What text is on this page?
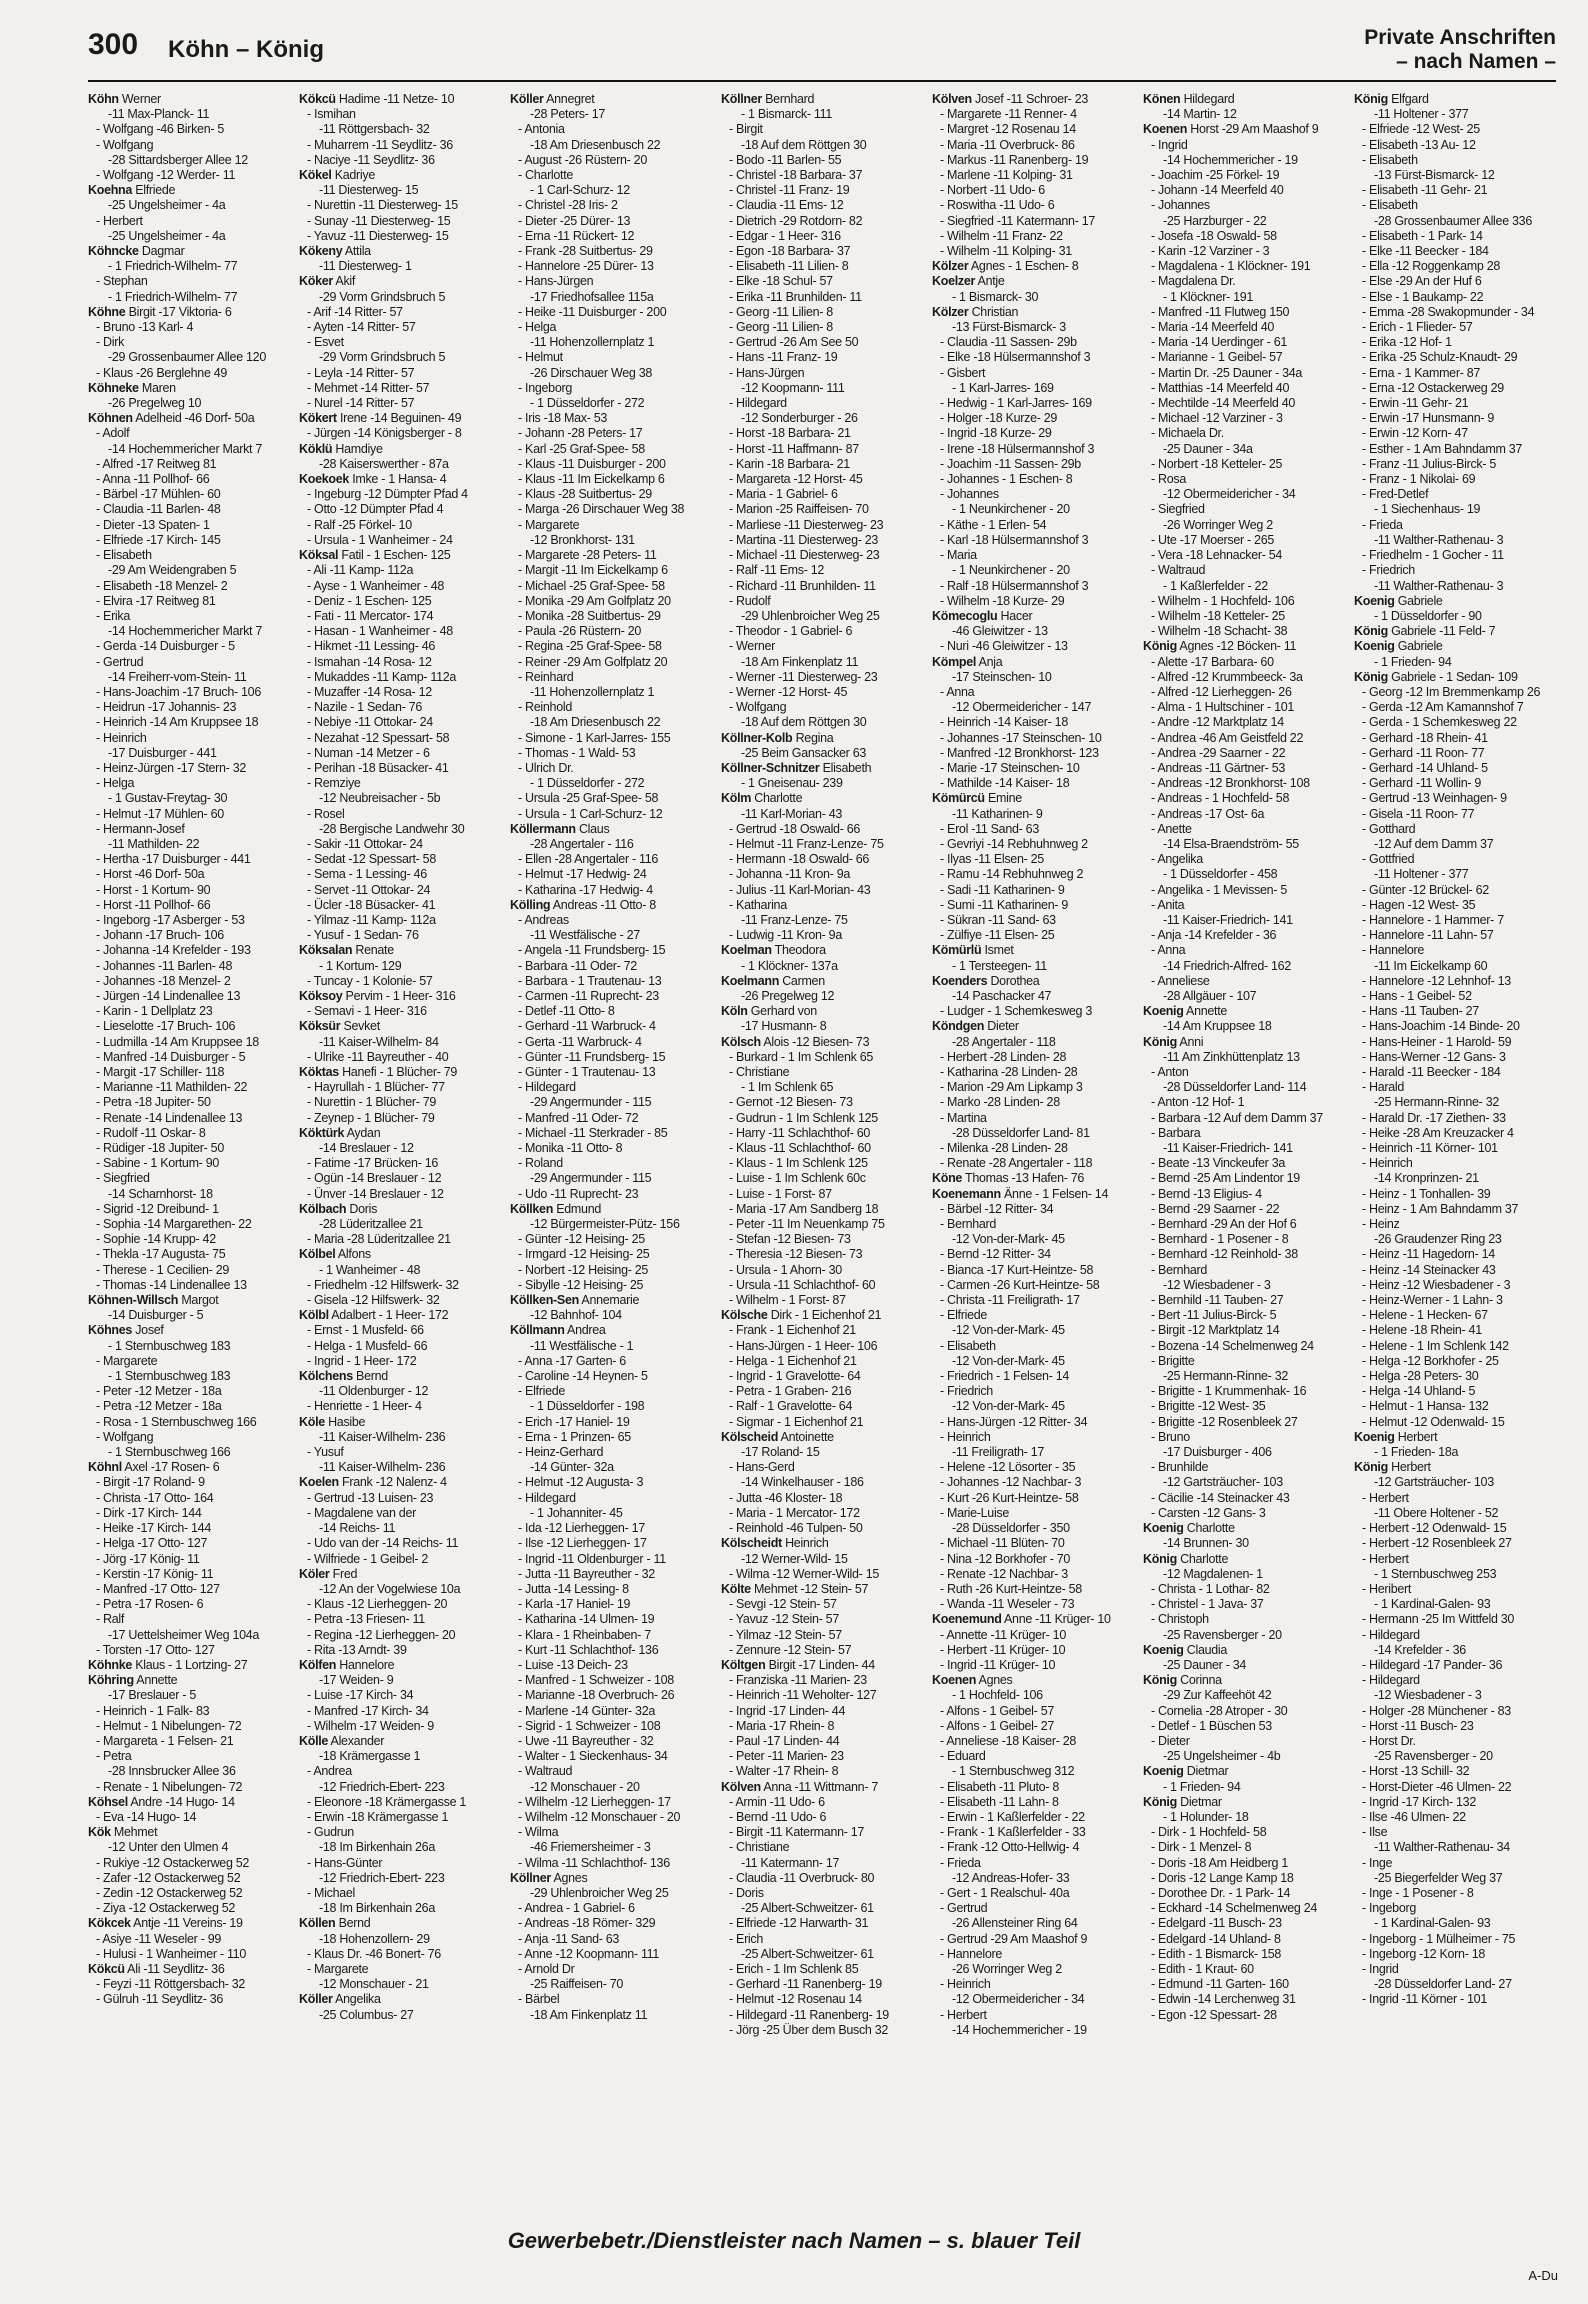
300 Köhn – König	Private Anschriften
– nach Namen –
Köhn Werner
-11 Max-Planck- 11
- Wolfgang -46 Birken- 5
- Wolfgang
-28 Sittardsberger Allee 12
- Wolfgang -12 Werder- 11
Koehna Elfriede
-25 Ungelsheimer - 4a
- Herbert
-25 Ungelsheimer - 4a
Köhncke Dagmar
- 1 Friedrich-Wilhelm- 77
- Stephan
- 1 Friedrich-Wilhelm- 77
Köhne Birgit -17 Viktoria- 6
- Bruno -13 Karl- 4
- Dirk
-29 Grossenbaumer Allee 120
- Klaus -26 Berglehne 49
Köhneke Maren
-26 Pregelweg 10
Köhnen Adelheid -46 Dorf- 50a
- Adolf
-14 Hochemmericher Markt 7
- Alfred -17 Reitweg 81
- Anna -11 Pollhof- 66
- Bärbel -17 Mühlen- 60
- Claudia -11 Barlen- 48
- Dieter -13 Spaten- 1
- Elfriede -17 Kirch- 145
- Elisabeth
-29 Am Weidengraben 5
- Elisabeth -18 Menzel- 2
- Elvira -17 Reitweg 81
- Erika
-14 Hochemmericher Markt 7
- Gerda -14 Duisburger - 5
- Gertrud
-14 Freiherr-vom-Stein- 11
- Hans-Joachim -17 Bruch- 106
- Heidrun -17 Johannis- 23
- Heinrich -14 Am Kruppsee 18
- Heinrich
-17 Duisburger - 441
- Heinz-Jürgen -17 Stern- 32
- Helga
- 1 Gustav-Freytag- 30
- Helmut -17 Mühlen- 60
- Hermann-Josef
-11 Mathilden- 22
- Hertha -17 Duisburger - 441
- Horst -46 Dorf- 50a
- Horst - 1 Kortum- 90
- Horst -11 Pollhof- 66
- Ingeborg -17 Asberger - 53
- Johann -17 Bruch- 106
- Johanna -14 Krefelder - 193
- Johannes -11 Barlen- 48
- Johannes -18 Menzel- 2
- Jürgen -14 Lindenallee 13
- Karin - 1 Dellplatz 23
- Lieselotte -17 Bruch- 106
- Ludmilla -14 Am Kruppsee 18
- Manfred -14 Duisburger - 5
- Margit -17 Schiller- 118
- Marianne -11 Mathilden- 22
- Petra -18 Jupiter- 50
- Renate -14 Lindenallee 13
- Rudolf -11 Oskar- 8
- Rüdiger -18 Jupiter- 50
- Sabine - 1 Kortum- 90
- Siegfried
-14 Scharnhorst- 18
- Sigrid -12 Dreibund- 1
- Sophia -14 Margarethen- 22
- Sophie -14 Krupp- 42
- Thekla -17 Augusta- 75
- Therese - 1 Cecilien- 29
- Thomas -14 Lindenallee 13
Köhnen-Willsch Margot
-14 Duisburger - 5
Köhnes Josef
- 1 Sternbuschweg 183
- Margarete
- 1 Sternbuschweg 183
- Peter -12 Metzer - 18a
- Petra -12 Metzer - 18a
- Rosa - 1 Sternbuschweg 166
- Wolfgang
- 1 Sternbuschweg 166
Köhnl Axel -17 Rosen- 6
- Birgit -17 Roland- 9
- Christa -17 Otto- 164
- Dirk -17 Kirch- 144
- Heike -17 Kirch- 144
- Helga -17 Otto- 127
- Jörg -17 König- 11
- Kerstin -17 König- 11
- Manfred -17 Otto- 127
- Petra -17 Rosen- 6
- Ralf
-17 Uettelsheimer Weg 104a
- Torsten -17 Otto- 127
Köhnke Klaus - 1 Lortzing- 27
Köhring Annette
-17 Breslauer - 5
- Heinrich - 1 Falk- 83
- Helmut - 1 Nibelungen- 72
- Margareta - 1 Felsen- 21
- Petra
-28 Innsbrucker Allee 36
- Renate - 1 Nibelungen- 72
Köhsel Andre -14 Hugo- 14
- Eva -14 Hugo- 14
Kök Mehmet
-12 Unter den Ulmen 4
- Rukiye -12 Ostackerweg 52
- Zafer -12 Ostackerweg 52
- Zedin -12 Ostackerweg 52
- Ziya -12 Ostackerweg 52
Kökcek Antje -11 Vereins- 19
- Asiye -11 Weseler - 99
- Hulusi - 1 Wanheimer - 110
Kökcü Ali -11 Seydlitz- 36
- Feyzi -11 Röttgersbach- 32
- Gülruh -11 Seydlitz- 36
Kökcü Hadime -11 Netze- 10
- Ismihan
-11 Röttgersbach- 32
- Muharrem -11 Seydlitz- 36
- Naciye -11 Seydlitz- 36
Kökel Kadriye
-11 Diesterweg- 15
- Nurettin -11 Diesterweg- 15
- Sunay -11 Diesterweg- 15
- Yavuz -11 Diesterweg- 15
Kökeny Attila
-11 Diesterweg- 1
Köker Akif
-29 Vorm Grindsbruch 5
- Arif -14 Ritter- 57
- Ayten -14 Ritter- 57
- Esvet
-29 Vorm Grindsbruch 5
- Leyla -14 Ritter- 57
- Mehmet -14 Ritter- 57
- Nurel -14 Ritter- 57
Kökert Irene -14 Beguinen- 49
- Jürgen -14 Königsberger - 8
Köklü Hamdiye
-28 Kaiserswerther - 87a
Koekoek Imke - 1 Hansa- 4
- Ingeburg -12 Dümpter Pfad 4
- Otto -12 Dümpter Pfad 4
- Ralf -25 Förkel- 10
- Ursula - 1 Wanheimer - 24
Köksal Fatil - 1 Eschen- 125
- Ali -11 Kamp- 112a
- Ayse - 1 Wanheimer - 48
- Deniz - 1 Eschen- 125
- Fati - 11 Mercator- 174
- Hasan - 1 Wanheimer - 48
- Hikmet -11 Lessing- 46
- Ismahan -14 Rosa- 12
- Mukaddes -11 Kamp- 112a
- Muzaffer -14 Rosa- 12
- Nazile - 1 Sedan- 76
- Nebiye -11 Ottokar- 24
- Nezahat -12 Spessart- 58
- Numan -14 Metzer - 6
- Perihan -18 Büsacker- 41
- Remziye
-12 Neubreisacher - 5b
- Rosel
-28 Bergische Landwehr 30
- Sakir -11 Ottokar- 24
- Sedat -12 Spessart- 58
- Sema - 1 Lessing- 46
- Servet -11 Ottokar- 24
- Ücler -18 Büsacker- 41
- Yilmaz -11 Kamp- 112a
- Yusuf - 1 Sedan- 76
Köksalan Renate
- 1 Kortum- 129
- Tuncay - 1 Kolonie- 57
Köksoy Pervim - 1 Heer- 316
- Semavi - 1 Heer- 316
Köksür Sevket
-11 Kaiser-Wilhelm- 84
- Ulrike -11 Bayreuther - 40
Köktas Hanefi - 1 Blücher- 79
- Hayrullah - 1 Blücher- 77
- Nurettin - 1 Blücher- 79
- Zeynep - 1 Blücher- 79
Köktürk Aydan
-14 Breslauer - 12
- Fatime -17 Brücken- 16
- Ogün -14 Breslauer - 12
- Ünver -14 Breslauer - 12
Kölbach Doris
-28 Lüderitzallee 21
- Maria -28 Lüderitzallee 21
Kölbel Alfons
- 1 Wanheimer - 48
- Friedhelm -12 Hilfswerk- 32
- Gisela -12 Hilfswerk- 32
Kölbl Adalbert - 1 Heer- 172
- Ernst - 1 Musfeld- 66
- Helga - 1 Musfeld- 66
- Ingrid - 1 Heer- 172
Kölchens Bernd
-11 Oldenburger - 12
- Henriette - 1 Heer- 4
Köle Hasibe
-11 Kaiser-Wilhelm- 236
- Yusuf
-11 Kaiser-Wilhelm- 236
Koelen Frank -12 Nalenz- 4
- Gertrud -13 Luisen- 23
- Magdalene van der
-14 Reichs- 11
- Udo van der -14 Reichs- 11
- Wilfriede - 1 Geibel- 2
Köler Fred
-12 An der Vogelwiese 10a
- Klaus -12 Lierheggen- 20
- Petra -13 Friesen- 11
- Regina -12 Lierheggen- 20
- Rita -13 Arndt- 39
Kölfen Hannelore
-17 Weiden- 9
- Luise -17 Kirch- 34
- Manfred -17 Kirch- 34
- Wilhelm -17 Weiden- 9
Kölle Alexander
-18 Krämergasse 1
- Andrea
-12 Friedrich-Ebert- 223
- Eleonore -18 Krämergasse 1
- Erwin -18 Krämergasse 1
- Gudrun
-18 Im Birkenhain 26a
- Hans-Günter
-12 Friedrich-Ebert- 223
- Michael
-18 Im Birkenhain 26a
Köllen Bernd
-18 Hohenzollern- 29
- Klaus Dr. -46 Bonert- 76
- Margarete
-12 Monschauer - 21
Köller Angelika
-25 Columbus- 27
Köller Annegret
-28 Peters- 17
- Antonia
-18 Am Driesenbusch 22
- August -26 Rüstern- 20
- Charlotte
- 1 Carl-Schurz- 12
- Christel -28 Iris- 2
- Dieter -25 Dürer- 13
- Erna -11 Rückert- 12
- Frank -28 Suitbertus- 29
- Hannelore -25 Dürer- 13
- Hans-Jürgen
-17 Friedhofsallee 115a
- Heike -11 Duisburger - 200
- Helga
-11 Hohenzollernplatz 1
- Helmut
-26 Dirschauer Weg 38
- Ingeborg
- 1 Düsseldorfer - 272
- Iris -18 Max- 53
- Johann -28 Peters- 17
- Karl -25 Graf-Spee- 58
- Klaus -11 Duisburger - 200
- Klaus -11 Im Eickelkamp 6
- Klaus -28 Suitbertus- 29
- Marga -26 Dirschauer Weg 38
- Margarete
-12 Bronkhorst- 131
- Margarete -28 Peters- 11
- Margit -11 Im Eickelkamp 6
- Michael -25 Graf-Spee- 58
- Monika -29 Am Golfplatz 20
- Monika -28 Suitbertus- 29
- Paula -26 Rüstern- 20
- Regina -25 Graf-Spee- 58
- Reiner -29 Am Golfplatz 20
- Reinhard
-11 Hohenzollernplatz 1
- Reinhold
-18 Am Driesenbusch 22
- Simone - 1 Karl-Jarres- 155
- Thomas - 1 Wald- 53
- Ulrich Dr.
- 1 Düsseldorfer - 272
- Ursula -25 Graf-Spee- 58
- Ursula - 1 Carl-Schurz- 12
Köllermann Claus
-28 Angertaler - 116
- Ellen -28 Angertaler - 116
- Helmut -17 Hedwig- 24
- Katharina -17 Hedwig- 4
Kölling Andreas -11 Otto- 8
- Andreas
-11 Westfälische - 27
- Angela -11 Frundsberg- 15
- Barbara -11 Oder- 72
- Barbara - 1 Trautenau- 13
- Carmen -11 Ruprecht- 23
- Detlef -11 Otto- 8
- Gerhard -11 Warbruck- 4
- Gerta -11 Warbruck- 4
- Günter -11 Frundsberg- 15
- Günter - 1 Trautenau- 13
- Hildegard
-29 Angermunder - 115
- Manfred -11 Oder- 72
- Michael -11 Sterkrader - 85
- Monika -11 Otto- 8
- Roland
-29 Angermunder - 115
- Udo -11 Ruprecht- 23
Köllken Edmund
-12 Bürgermeister-Pütz- 156
- Günter -12 Heising- 25
- Irmgard -12 Heising- 25
- Norbert -12 Heising- 25
- Sibylle -12 Heising- 25
Köllken-Sen Annemarie
-12 Bahnhof- 104
Köllmann Andrea
-11 Westfälische - 1
- Anna -17 Garten- 6
- Caroline -14 Heynen- 5
- Elfriede
- 1 Düsseldorfer - 198
- Erich -17 Haniel- 19
- Erna - 1 Prinzen- 65
- Heinz-Gerhard
-14 Günter- 32a
- Helmut -12 Augusta- 3
- Hildegard
- 1 Johanniter- 45
- Ida -12 Lierheggen- 17
- Ilse -12 Lierheggen- 17
- Ingrid -11 Oldenburger - 11
- Jutta -11 Bayreuther - 32
- Jutta -14 Lessing- 8
- Karla -17 Haniel- 19
- Katharina -14 Ulmen- 19
- Klara - 1 Rheinbaben- 7
- Kurt -11 Schlachthof- 136
- Luise -13 Deich- 23
- Manfred - 1 Schweizer - 108
- Marianne -18 Overbruch- 26
- Marlene -14 Günter- 32a
- Sigrid - 1 Schweizer - 108
- Uwe -11 Bayreuther - 32
- Walter - 1 Sieckenhaus- 34
- Waltraud
-12 Monschauer - 20
- Wilhelm -12 Lierheggen- 17
- Wilhelm -12 Monschauer - 20
- Wilma
-46 Friemersheimer - 3
- Wilma -11 Schlachthof- 136
Köllner Agnes
-29 Uhlenbroicher Weg 25
- Andrea - 1 Gabriel- 6
- Andreas -18 Römer- 329
- Anja -11 Sand- 63
- Anne -12 Koopmann- 111
- Arnold Dr
-25 Raiffeisen- 70
- Bärbel
-18 Am Finkenplatz 11
Köllner Bernhard
- 1 Bismarck- 111
- Birgit
-18 Auf dem Röttgen 30
- Bodo -11 Barlen- 55
- Christel -18 Barbara- 37
- Christel -11 Franz- 19
- Claudia -11 Ems- 12
- Dietrich -29 Rotdorn- 82
- Edgar - 1 Heer- 316
- Egon -18 Barbara- 37
- Elisabeth -11 Lilien- 8
- Elke -18 Schul- 57
- Erika -11 Brunhilden- 11
- Georg -11 Lilien- 8
- Georg -11 Lilien- 8
- Gertrud -26 Am See 50
- Hans -11 Franz- 19
- Hans-Jürgen
-12 Koopmann- 111
- Hildegard
-12 Sonderburger - 26
- Horst -18 Barbara- 21
- Horst -11 Haffmann- 87
- Karin -18 Barbara- 21
- Margareta -12 Horst- 45
- Maria - 1 Gabriel- 6
- Marion -25 Raiffeisen- 70
- Marliese -11 Diesterweg- 23
- Martina -11 Diesterweg- 23
- Michael -11 Diesterweg- 23
- Ralf -11 Ems- 12
- Richard -11 Brunhilden- 11
- Rudolf
-29 Uhlenbroicher Weg 25
- Theodor - 1 Gabriel- 6
- Werner
-18 Am Finkenplatz 11
- Werner -11 Diesterweg- 23
- Werner -12 Horst- 45
- Wolfgang
-18 Auf dem Röttgen 30
Köllner-Kolb Regina
-25 Beim Gansacker 63
Köllner-Schnitzer Elisabeth
- 1 Gneisenau- 239
Kölm Charlotte
-11 Karl-Morian- 43
- Gertrud -18 Oswald- 66
- Helmut -11 Franz-Lenze- 75
- Hermann -18 Oswald- 66
- Johanna -11 Kron- 9a
- Julius -11 Karl-Morian- 43
- Katharina
-11 Franz-Lenze- 75
- Ludwig -11 Kron- 9a
Koelman Theodora
- 1 Klöckner- 137a
Koelmann Carmen
-26 Pregelweg 12
Köln Gerhard von
-17 Husmann- 8
Kölsch Alois -12 Biesen- 73
- Burkard - 1 Im Schlenk 65
- Christiane
- 1 Im Schlenk 65
- Gernot -12 Biesen- 73
- Gudrun - 1 Im Schlenk 125
- Harry -11 Schlachthof- 60
- Klaus -11 Schlachthof- 60
- Klaus - 1 Im Schlenk 125
- Luise - 1 Im Schlenk 60c
- Luise - 1 Forst- 87
- Maria -17 Am Sandberg 18
- Peter -11 Im Neuenkamp 75
- Stefan -12 Biesen- 73
- Theresia -12 Biesen- 73
- Ursula - 1 Ahorn- 30
- Ursula -11 Schlachthof- 60
- Wilhelm - 1 Forst- 87
Kölsche Dirk - 1 Eichenhof 21
- Frank - 1 Eichenhof 21
- Hans-Jürgen - 1 Heer- 106
- Helga - 1 Eichenhof 21
- Ingrid - 1 Gravelotte- 64
- Petra - 1 Graben- 216
- Ralf - 1 Gravelotte- 64
- Sigmar - 1 Eichenhof 21
Kölscheid Antoinette
-17 Roland- 15
- Hans-Gerd
-14 Winkelhauser - 186
- Jutta -46 Kloster- 18
- Maria - 1 Mercator- 172
- Reinhold -46 Tulpen- 50
Kölscheidt Heinrich
-12 Werner-Wild- 15
- Wilma -12 Werner-Wild- 15
Költe Mehmet -12 Stein- 57
- Sevgi -12 Stein- 57
- Yavuz -12 Stein- 57
- Yilmaz -12 Stein- 57
- Zennure -12 Stein- 57
Költgen Birgit -17 Linden- 44
- Franziska -11 Marien- 23
- Heinrich -11 Weholter- 127
- Ingrid -17 Linden- 44
- Maria -17 Rhein- 8
- Paul -17 Linden- 44
- Peter -11 Marien- 23
- Walter -17 Rhein- 8
Kölven Anna -11 Wittmann- 7
- Armin -11 Udo- 6
- Bernd -11 Udo- 6
- Birgit -11 Katermann- 17
- Christiane
-11 Katermann- 17
- Claudia -11 Overbruck- 80
- Doris
-25 Albert-Schweitzer- 61
- Elfriede -12 Harwarth- 31
- Erich
-25 Albert-Schweitzer- 61
- Erich - 1 Im Schlenk 85
- Gerhard -11 Ranenberg- 19
- Helmut -12 Rosenau 14
- Hildegard -11 Ranenberg- 19
- Jörg -25 Über dem Busch 32
Kölven Josef -11 Schroer- 23
- Margarete -11 Renner- 4
- Margret -12 Rosenau 14
- Maria -11 Overbruck- 86
- Markus -11 Ranenberg- 19
- Marlene -11 Kolping- 31
- Norbert -11 Udo- 6
- Roswitha -11 Udo- 6
- Siegfried -11 Katermann- 17
- Wilhelm -11 Franz- 22
- Wilhelm -11 Kolping- 31
Kölzer Agnes - 1 Eschen- 8
Koelzer Antje
- 1 Bismarck- 30
Kölzer Christian
-13 Fürst-Bismarck- 3
- Claudia -11 Sassen- 29b
- Elke -18 Hülsermannshof 3
- Gisbert
- 1 Karl-Jarres- 169
- Hedwig - 1 Karl-Jarres- 169
- Holger -18 Kurze- 29
- Ingrid -18 Kurze- 29
- Irene -18 Hülsermannshof 3
- Joachim -11 Sassen- 29b
- Johannes - 1 Eschen- 8
- Johannes
- 1 Neunkirchener - 20
- Käthe - 1 Erlen- 54
- Karl -18 Hülsermannshof 3
- Maria
- 1 Neunkirchener - 20
- Ralf -18 Hülsermannshof 3
- Wilhelm -18 Kurze- 29
Kömecoglu Hacer
-46 Gleiwitzer - 13
- Nuri -46 Gleiwitzer - 13
Kömpel Anja
-17 Steinschen- 10
- Anna
-12 Obermeidericher - 147
- Heinrich -14 Kaiser- 18
- Johannes -17 Steinschen- 10
- Manfred -12 Bronkhorst- 123
- Marie -17 Steinschen- 10
- Mathilde -14 Kaiser- 18
Kömürcü Emine
-11 Katharinen- 9
- Erol -11 Sand- 63
- Gevriyi -14 Rebhuhnweg 2
- Ilyas -11 Elsen- 25
- Ramu -14 Rebhuhnweg 2
- Sadi -11 Katharinen- 9
- Sumi -11 Katharinen- 9
- Sükran -11 Sand- 63
- Zülfiye -11 Elsen- 25
Kömürlü Ismet
- 1 Tersteegen- 11
Koenders Dorothea
-14 Paschacker 47
- Ludger - 1 Schemkesweg 3
Köndgen Dieter
-28 Angertaler - 118
- Herbert -28 Linden- 28
- Katharina -28 Linden- 28
- Marion -29 Am Lipkamp 3
- Marko -28 Linden- 28
- Martina
-28 Düsseldorfer Land- 81
- Milenka -28 Linden- 28
- Renate -28 Angertaler - 118
Köne Thomas -13 Hafen- 76
Koenemann Änne - 1 Felsen- 14
- Bärbel -12 Ritter- 34
- Bernhard
-12 Von-der-Mark- 45
- Bernd -12 Ritter- 34
- Bianca -17 Kurt-Heintze- 58
- Carmen -26 Kurt-Heintze- 58
- Christa -11 Freiligrath- 17
- Elfriede
-12 Von-der-Mark- 45
- Elisabeth
-12 Von-der-Mark- 45
- Friedrich - 1 Felsen- 14
- Friedrich
-12 Von-der-Mark- 45
- Hans-Jürgen -12 Ritter- 34
- Heinrich
-11 Freiligrath- 17
- Helene -12 Lösorter - 35
- Johannes -12 Nachbar- 3
- Kurt -26 Kurt-Heintze- 58
- Marie-Luise
-28 Düsseldorfer - 350
- Michael -11 Blüten- 70
- Nina -12 Borkhofer - 70
- Renate -12 Nachbar- 3
- Ruth -26 Kurt-Heintze- 58
- Wanda -11 Weseler - 73
Koenemund Anne -11 Krüger- 10
- Annette -11 Krüger- 10
- Herbert -11 Krüger- 10
- Ingrid -11 Krüger- 10
Koenen Agnes
- 1 Hochfeld- 106
- Alfons - 1 Geibel- 57
- Alfons - 1 Geibel- 27
- Anneliese -18 Kaiser- 28
- Eduard
- 1 Sternbuschweg 312
- Elisabeth -11 Pluto- 8
- Elisabeth -11 Lahn- 8
- Erwin - 1 Kaßlerfelder - 22
- Frank - 1 Kaßlerfelder - 33
- Frank -12 Otto-Hellwig- 4
- Frieda
-12 Andreas-Hofer- 33
- Gert - 1 Realschul- 40a
- Gertrud
-26 Allensteiner Ring 64
- Gertrud -29 Am Maashof 9
- Hannelore
-26 Worringer Weg 2
- Heinrich
-12 Obermeidericher - 34
- Herbert
-14 Hochemmericher - 19
Könen Hildegard
-14 Martin- 12
Koenen Horst -29 Am Maashof 9
- Ingrid
-14 Hochemmericher - 19
- Joachim -25 Förkel- 19
- Johann -14 Meerfeld 40
- Johannes
-25 Harzburger - 22
- Josefa -18 Oswald- 58
- Karin -12 Varziner - 3
- Magdalena - 1 Klöckner- 191
- Magdalena Dr.
- 1 Klöckner- 191
- Manfred -11 Flutweg 150
- Maria -14 Meerfeld 40
- Maria -14 Uerdinger - 61
- Marianne - 1 Geibel- 57
- Martin Dr. -25 Dauner - 34a
- Matthias -14 Meerfeld 40
- Mechtilde -14 Meerfeld 40
- Michael -12 Varziner - 3
- Michaela Dr.
-25 Dauner - 34a
- Norbert -18 Ketteler- 25
- Rosa
-12 Obermeidericher - 34
- Siegfried
-26 Worringer Weg 2
- Ute -17 Moerser - 265
- Vera -18 Lehnacker- 54
- Waltraud
- 1 Kaßlerfelder - 22
- Wilhelm - 1 Hochfeld- 106
- Wilhelm -18 Ketteler- 25
- Wilhelm -18 Schacht- 38
König Agnes -12 Böcken- 11
- Alette -17 Barbara- 60
- Alfred -12 Krummbeeck- 3a
- Alfred -12 Lierheggen- 26
- Alma - 1 Hultschiner - 101
- Andre -12 Marktplatz 14
- Andrea -46 Am Geistfeld 22
- Andrea -29 Saarner - 22
- Andreas -11 Gärtner- 53
- Andreas -12 Bronkhorst- 108
- Andreas - 1 Hochfeld- 58
- Andreas -17 Ost- 6a
- Anette
-14 Elsa-Braendström- 55
- Angelika
- 1 Düsseldorfer - 458
- Angelika - 1 Mevissen- 5
- Anita
-11 Kaiser-Friedrich- 141
- Anja -14 Krefelder - 36
- Anna
-14 Friedrich-Alfred- 162
- Anneliese
-28 Allgäuer - 107
Koenig Annette
-14 Am Kruppsee 18
König Anni
-11 Am Zinkhüttenplatz 13
- Anton
-28 Düsseldorfer Land- 114
- Anton -12 Hof- 1
- Barbara -12 Auf dem Damm 37
- Barbara
-11 Kaiser-Friedrich- 141
- Beate -13 Vinckeufer 3a
- Bernd -25 Am Lindentor 19
- Bernd -13 Eligius- 4
- Bernd -29 Saarner - 22
- Bernhard -29 An der Hof 6
- Bernhard - 1 Posener - 8
- Bernhard -12 Reinhold- 38
- Bernhard
-12 Wiesbadener - 3
- Bernhild -11 Tauben- 27
- Bert -11 Julius-Birck- 5
- Birgit -12 Marktplatz 14
- Bozena -14 Schelmenweg 24
- Brigitte
-25 Hermann-Rinne- 32
- Brigitte - 1 Krummenhak- 16
- Brigitte -12 West- 35
- Brigitte -12 Rosenbleek 27
- Bruno
-17 Duisburger - 406
- Brunhilde
-12 Gartsträucher- 103
- Cäcilie -14 Steinacker 43
- Carsten -12 Gans- 3
Koenig Charlotte
-14 Brunnen- 30
König Charlotte
-12 Magdalenen- 1
- Christa - 1 Lothar- 82
- Christel - 1 Java- 37
- Christoph
-25 Ravensberger - 20
Koenig Claudia
-25 Dauner - 34
König Corinna
-29 Zur Kaffeehöt 42
- Cornelia -28 Atroper - 30
- Detlef - 1 Büschen 53
- Dieter
-25 Ungelsheimer - 4b
Koenig Dietmar
- 1 Frieden- 94
König Dietmar
- 1 Holunder- 18
- Dirk - 1 Hochfeld- 58
- Dirk - 1 Menzel- 8
- Doris -18 Am Heidberg 1
- Doris -12 Lange Kamp 18
- Dorothee Dr. - 1 Park- 14
- Eckhard -14 Schelmenweg 24
- Edelgard -11 Busch- 23
- Edelgard -14 Uhland- 8
- Edith - 1 Bismarck- 158
- Edith - 1 Kraut- 60
- Edmund -11 Garten- 160
- Edwin -14 Lerchenweg 31
- Egon -12 Spessart- 28
König Elfgard
-11 Holtener - 377
- Elfriede -12 West- 25
- Elisabeth -13 Au- 12
- Elisabeth
-13 Fürst-Bismarck- 12
- Elisabeth -11 Gehr- 21
- Elisabeth
-28 Grossenbaumer Allee 336
- Elisabeth - 1 Park- 14
- Elke -11 Beecker - 184
- Ella -12 Roggenkamp 28
- Else -29 An der Huf 6
- Else - 1 Baukamp- 22
- Emma -28 Swakopmunder - 34
- Erich - 1 Flieder- 57
- Erika -12 Hof- 1
- Erika -25 Schulz-Knaudt- 29
- Erna - 1 Kammer- 87
- Erna -12 Ostackerweg 29
- Erwin -11 Gehr- 21
- Erwin -17 Hunsmann- 9
- Erwin -12 Korn- 47
- Esther - 1 Am Bahndamm 37
- Franz -11 Julius-Birck- 5
- Franz - 1 Nikolai- 69
- Fred-Detlef
- 1 Siechenhaus- 19
- Frieda
-11 Walther-Rathenau- 3
- Friedhelm - 1 Gocher - 11
- Friedrich
-11 Walther-Rathenau- 3
Koenig Gabriele
- 1 Düsseldorfer - 90
König Gabriele -11 Feld- 7
Koenig Gabriele
- 1 Frieden- 94
König Gabriele - 1 Sedan- 109
- Georg -12 Im Bremmenkamp 26
- Gerda -12 Am Kamannshof 7
- Gerda - 1 Schemkesweg 22
- Gerhard -18 Rhein- 41
- Gerhard -11 Roon- 77
- Gerhard -14 Uhland- 5
- Gerhard -11 Wollin- 9
- Gertrud -13 Weinhagen- 9
- Gisela -11 Roon- 77
- Gotthard
-12 Auf dem Damm 37
- Gottfried
-11 Holtener - 377
- Günter -12 Brückel- 62
- Hagen -12 West- 35
- Hannelore - 1 Hammer- 7
- Hannelore -11 Lahn- 57
- Hannelore
-11 Im Eickelkamp 60
- Hannelore -12 Lehnhof- 13
- Hans - 1 Geibel- 52
- Hans -11 Tauben- 27
- Hans-Joachim -14 Binde- 20
- Hans-Heiner - 1 Harold- 59
- Hans-Werner -12 Gans- 3
- Harald -11 Beecker - 184
- Harald
-25 Hermann-Rinne- 32
- Harald Dr. -17 Ziethen- 33
- Heike -28 Am Kreuzacker 4
- Heinrich -11 Körner- 101
- Heinrich
-14 Kronprinzen- 21
- Heinz - 1 Tonhallen- 39
- Heinz - 1 Am Bahndamm 37
- Heinz
-26 Graudenzer Ring 23
- Heinz -11 Hagedorn- 14
- Heinz -14 Steinacker 43
- Heinz -12 Wiesbadener - 3
- Heinz-Werner - 1 Lahn- 3
- Helene - 1 Hecken- 67
- Helene -18 Rhein- 41
- Helene - 1 Im Schlenk 142
- Helga -12 Borkhofer - 25
- Helga -28 Peters- 30
- Helga -14 Uhland- 5
- Helmut - 1 Hansa- 132
- Helmut -12 Odenwald- 15
Koenig Herbert
- 1 Frieden- 18a
König Herbert
-12 Gartsträucher- 103
- Herbert
-11 Obere Holtener - 52
- Herbert -12 Odenwald- 15
- Herbert -12 Rosenbleek 27
- Herbert
- 1 Sternbuschweg 253
- Heribert
- 1 Kardinal-Galen- 93
- Hermann -25 Im Wittfeld 30
- Hildegard
-14 Krefelder - 36
- Hildegard -17 Pander- 36
- Hildegard
-12 Wiesbadener - 3
- Holger -28 Münchener - 83
- Horst -11 Busch- 23
- Horst Dr.
-25 Ravensberger - 20
- Horst -13 Schill- 32
- Horst-Dieter -46 Ulmen- 22
- Ingrid -17 Kirch- 132
- Ilse -46 Ulmen- 22
- Ilse
-11 Walther-Rathenau- 34
- Inge
-25 Biegerfelder Weg 37
- Inge - 1 Posener - 8
- Ingeborg
- 1 Kardinal-Galen- 93
- Ingeborg - 1 Mülheimer - 75
- Ingeborg -12 Korn- 18
- Ingrid
-28 Düsseldorfer Land- 27
- Ingrid -11 Körner - 101
Gewerbebetr./Dienstleister nach Namen – s. blauer Teil
A-Du
